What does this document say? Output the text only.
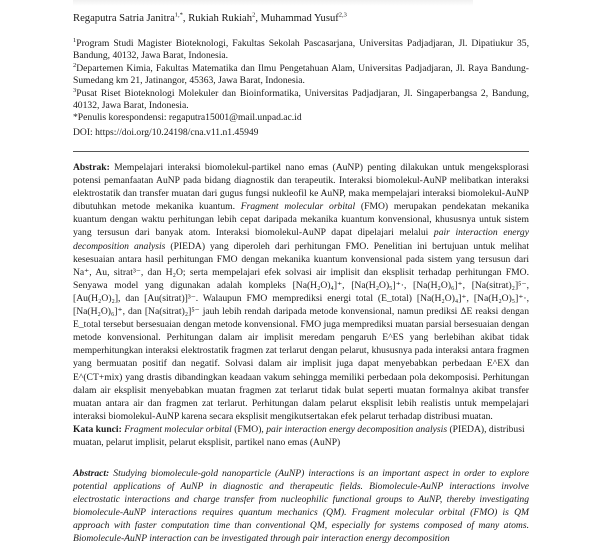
Regaputra Satria Janitra$^{1,*}$, Rukiah Rukiah$^2$, Muhammad Yusuf$^{2,3}$

$^1$Program Studi Magister Bioteknologi, Fakultas Sekolah Pascasarjana, Universitas Padjadjaran, Jl. Dipatiukur 35, Bandung, 40132, Jawa Barat, Indonesia.

$^2$Departemen Kimia, Fakultas Matematika dan Ilmu Pengetahuan Alam, Universitas Padjadjaran, Jl. Raya Bandung-Sumedang km 21, Jatinangor, 45363, Jawa Barat, Indonesia.

$^3$Pusat Riset Bioteknologi Molekuler dan Bioinformatika, Universitas Padjadjaran, Jl. Singaperbangsa 2, Bandung, 40132, Jawa Barat, Indonesia.

*Penulis korespondensi: regaputra15001@mail.unpad.ac.id

DOI: https://doi.org/10.24198/cna.v11.n1.45949
Abstrak: Mempelajari interaksi biomolekul-partikel nano emas (AuNP) penting dilakukan untuk mengeksplorasi potensi pemanfaatan AuNP pada bidang diagnostik dan terapeutik. Interaksi biomolekul-AuNP melibatkan interaksi elektrostatik dan transfer muatan dari gugus fungsi nukleofil ke AuNP, maka mempelajari interaksi biomolekul-AuNP dibutuhkan metode mekanika kuantum. Fragment molecular orbital (FMO) merupakan pendekatan mekanika kuantum dengan waktu perhitungan lebih cepat daripada mekanika kuantum konvensional, khususnya untuk sistem yang tersusun dari banyak atom. Interaksi biomolekul-AuNP dapat dipelajari melalui pair interaction energy decomposition analysis (PIEDA) yang diperoleh dari perhitungan FMO. Penelitian ini bertujuan untuk melihat kesesuaian antara hasil perhitungan FMO dengan mekanika kuantum konvensional pada sistem yang tersusun dari Na⁺, Au, sitrat³⁻, dan H₂O; serta mempelajari efek solvasi air implisit dan eksplisit terhadap perhitungan FMO. Senyawa model yang digunakan adalah kompleks [Na(H₂O)₄]⁺, [Na(H₂O)₅]⁺·, [Na(H₂O)₆]⁺, [Na(sitrat)₂]⁵⁻, [Au(H₂O)₂], dan [Au(sitrat)]³⁻. Walaupun FMO memprediksi energi total (E_total) [Na(H₂O)₄]⁺, [Na(H₂O)₅]⁺·, [Na(H₂O)₆]⁺, dan [Na(sitrat)₂]⁵⁻ jauh lebih rendah daripada metode konvensional, namun prediksi ΔE reaksi dengan E_total tersebut bersesuaian dengan metode konvensional. FMO juga memprediksi muatan parsial bersesuaian dengan metode konvensional. Perhitungan dalam air implisit meredam pengaruh E^ES yang berlebihan akibat tidak memperhitungkan interaksi elektrostatik fragmen zat terlarut dengan pelarut, khususnya pada interaksi antara fragmen yang bermuatan positif dan negatif. Solvasi dalam air implisit juga dapat menyebabkan perbedaan E^EX dan E^(CT+mix) yang drastis dibandingkan keadaan vakum sehingga memiliki perbedaan pola dekomposisi. Perhitungan dalam air eksplisit menyebabkan muatan fragmen zat terlarut tidak bulat seperti muatan formalnya akibat transfer muatan antara air dan fragmen zat terlarut. Perhitungan dalam pelarut eksplisit lebih realistis untuk mempelajari interaksi biomolekul-AuNP karena secara eksplisit mengikutsertakan efek pelarut terhadap distribusi muatan.
Kata kunci: Fragment molecular orbital (FMO), pair interaction energy decomposition analysis (PIEDA), distribusi muatan, pelarut implisit, pelarut eksplisit, partikel nano emas (AuNP)
Abstract: Studying biomolecule-gold nanoparticle (AuNP) interactions is an important aspect in order to explore potential applications of AuNP in diagnostic and therapeutic fields. Biomolecule-AuNP interactions involve electrostatic interactions and charge transfer from nucleophilic functional groups to AuNP, thereby investigating biomolecule-AuNP interactions requires quantum mechanics (QM). Fragment molecular orbital (FMO) is QM approach with faster computation time than conventional QM, especially for systems composed of many atoms. Biomolecule-AuNP interaction can be investigated through pair interaction energy decomposition
